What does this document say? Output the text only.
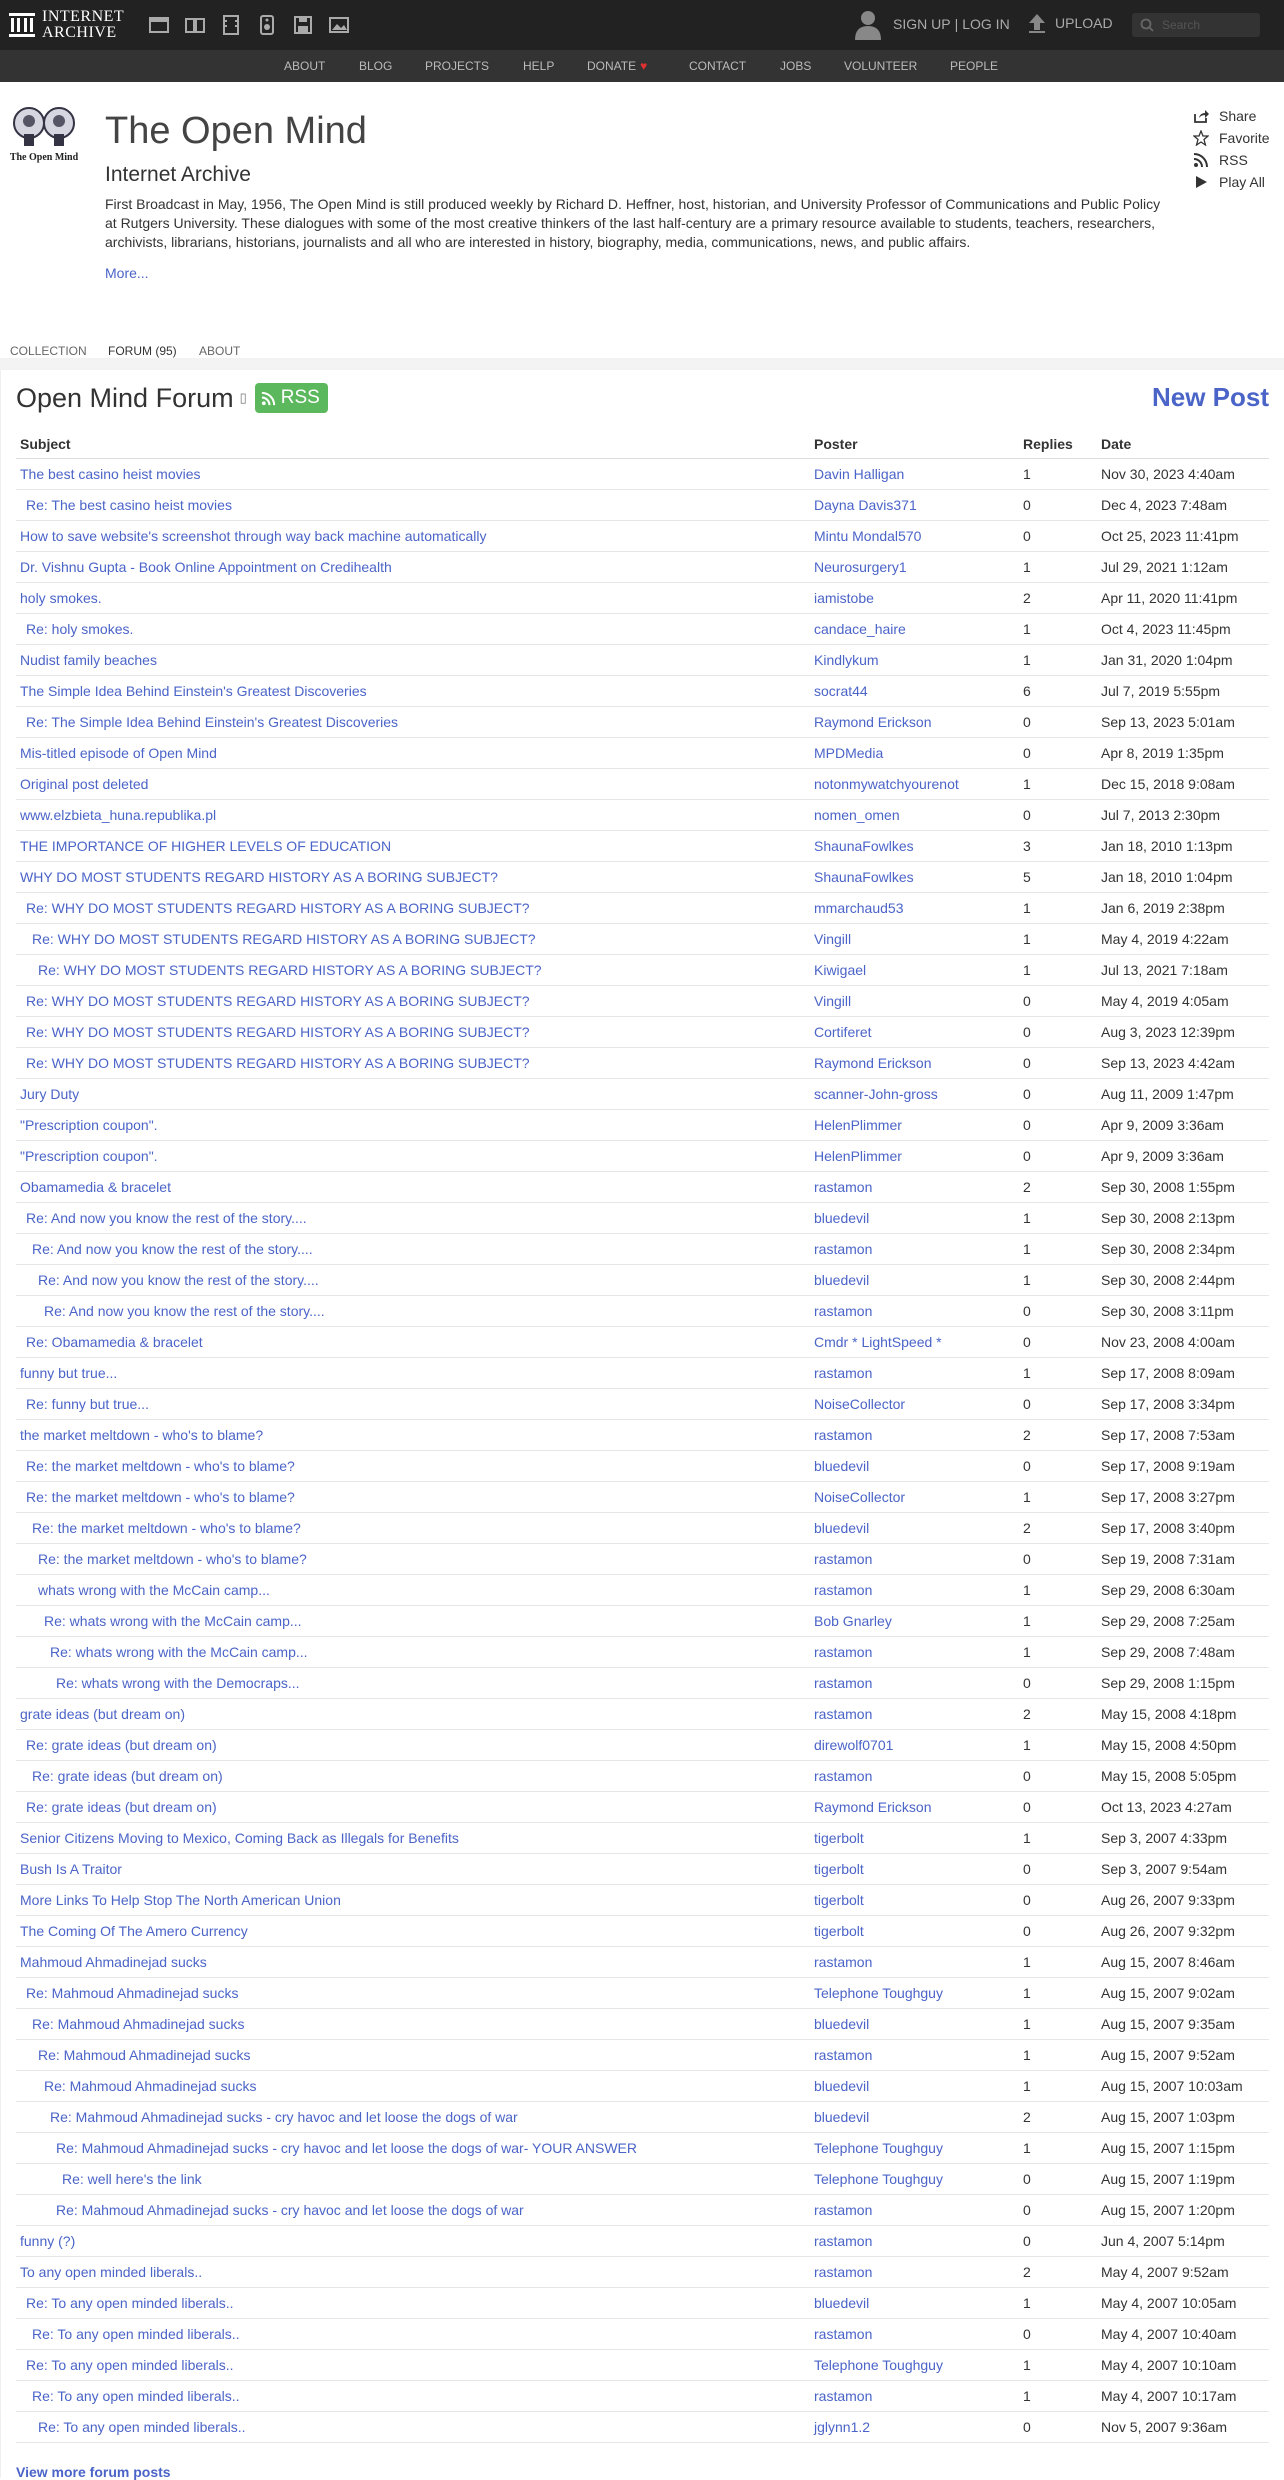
INTERNET
ARCHIVE	SIGN UP | LOG IN	UPLOAD
Search
ABOUT	BLOG	PROJECTS	HELP	DONATE ♥	CONTACT	JOBS	VOLUNTEER	PEOPLE
The Open Mind
The Open Mind
Internet Archive

First Broadcast in May, 1956, The Open Mind is still produced weekly by Richard D. Heffner, host, historian, and University Professor of Communications and Public Policy at Rutgers University. These dialogues with some of the most creative thinkers of the last half-century are a primary resource available to students, teachers, researchers, archivists, librarians, historians, journalists and all who are interested in history, biography, media, communications, news, and public affairs.

More...
Share
Favorite
RSS
Play All
COLLECTION FORUM (95) ABOUT
Open Mind Forum ▯ RSS	New Post
Subject	Poster	Replies	Date
The best casino heist movies	Davin Halligan	1	Nov 30, 2023 4:40am
Re: The best casino heist movies	Dayna Davis371	0	Dec 4, 2023 7:48am
How to save website's screenshot through way back machine automatically	Mintu Mondal570	0	Oct 25, 2023 11:41pm
Dr. Vishnu Gupta - Book Online Appointment on Credihealth	Neurosurgery1	1	Jul 29, 2021 1:12am
holy smokes.	iamistobe	2	Apr 11, 2020 11:41pm
Re: holy smokes.	candace_haire	1	Oct 4, 2023 11:45pm
Nudist family beaches	Kindlykum	1	Jan 31, 2020 1:04pm
The Simple Idea Behind Einstein's Greatest Discoveries	socrat44	6	Jul 7, 2019 5:55pm
Re: The Simple Idea Behind Einstein's Greatest Discoveries	Raymond Erickson	0	Sep 13, 2023 5:01am
Mis-titled episode of Open Mind	MPDMedia	0	Apr 8, 2019 1:35pm
Original post deleted	notonmywatchyourenot	1	Dec 15, 2018 9:08am
www.elzbieta_huna.republika.pl	nomen_omen	0	Jul 7, 2013 2:30pm
THE IMPORTANCE OF HIGHER LEVELS OF EDUCATION	ShaunaFowlkes	3	Jan 18, 2010 1:13pm
WHY DO MOST STUDENTS REGARD HISTORY AS A BORING SUBJECT?	ShaunaFowlkes	5	Jan 18, 2010 1:04pm
Re: WHY DO MOST STUDENTS REGARD HISTORY AS A BORING SUBJECT?	mmarchaud53	1	Jan 6, 2019 2:38pm
Re: WHY DO MOST STUDENTS REGARD HISTORY AS A BORING SUBJECT?	Vingill	1	May 4, 2019 4:22am
Re: WHY DO MOST STUDENTS REGARD HISTORY AS A BORING SUBJECT?	Kiwigael	1	Jul 13, 2021 7:18am
Re: WHY DO MOST STUDENTS REGARD HISTORY AS A BORING SUBJECT?	Vingill	0	May 4, 2019 4:05am
Re: WHY DO MOST STUDENTS REGARD HISTORY AS A BORING SUBJECT?	Cortiferet	0	Aug 3, 2023 12:39pm
Re: WHY DO MOST STUDENTS REGARD HISTORY AS A BORING SUBJECT?	Raymond Erickson	0	Sep 13, 2023 4:42am
Jury Duty	scanner-John-gross	0	Aug 11, 2009 1:47pm
"Prescription coupon".	HelenPlimmer	0	Apr 9, 2009 3:36am
"Prescription coupon".	HelenPlimmer	0	Apr 9, 2009 3:36am
Obamamedia & bracelet	rastamon	2	Sep 30, 2008 1:55pm
Re: And now you know the rest of the story....	bluedevil	1	Sep 30, 2008 2:13pm
Re: And now you know the rest of the story....	rastamon	1	Sep 30, 2008 2:34pm
Re: And now you know the rest of the story....	bluedevil	1	Sep 30, 2008 2:44pm
Re: And now you know the rest of the story....	rastamon	0	Sep 30, 2008 3:11pm
Re: Obamamedia & bracelet	Cmdr * LightSpeed *	0	Nov 23, 2008 4:00am
funny but true...	rastamon	1	Sep 17, 2008 8:09am
Re: funny but true...	NoiseCollector	0	Sep 17, 2008 3:34pm
the market meltdown - who's to blame?	rastamon	2	Sep 17, 2008 7:53am
Re: the market meltdown - who's to blame?	bluedevil	0	Sep 17, 2008 9:19am
Re: the market meltdown - who's to blame?	NoiseCollector	1	Sep 17, 2008 3:27pm
Re: the market meltdown - who's to blame?	bluedevil	2	Sep 17, 2008 3:40pm
Re: the market meltdown - who's to blame?	rastamon	0	Sep 19, 2008 7:31am
whats wrong with the McCain camp...	rastamon	1	Sep 29, 2008 6:30am
Re: whats wrong with the McCain camp...	Bob Gnarley	1	Sep 29, 2008 7:25am
Re: whats wrong with the McCain camp...	rastamon	1	Sep 29, 2008 7:48am
Re: whats wrong with the Democraps...	rastamon	0	Sep 29, 2008 1:15pm
grate ideas (but dream on)	rastamon	2	May 15, 2008 4:18pm
Re: grate ideas (but dream on)	direwolf0701	1	May 15, 2008 4:50pm
Re: grate ideas (but dream on)	rastamon	0	May 15, 2008 5:05pm
Re: grate ideas (but dream on)	Raymond Erickson	0	Oct 13, 2023 4:27am
Senior Citizens Moving to Mexico, Coming Back as Illegals for Benefits	tigerbolt	1	Sep 3, 2007 4:33pm
Bush Is A Traitor	tigerbolt	0	Sep 3, 2007 9:54am
More Links To Help Stop The North American Union	tigerbolt	0	Aug 26, 2007 9:33pm
The Coming Of The Amero Currency	tigerbolt	0	Aug 26, 2007 9:32pm
Mahmoud Ahmadinejad sucks	rastamon	1	Aug 15, 2007 8:46am
Re: Mahmoud Ahmadinejad sucks	Telephone Toughguy	1	Aug 15, 2007 9:02am
Re: Mahmoud Ahmadinejad sucks	bluedevil	1	Aug 15, 2007 9:35am
Re: Mahmoud Ahmadinejad sucks	rastamon	1	Aug 15, 2007 9:52am
Re: Mahmoud Ahmadinejad sucks	bluedevil	1	Aug 15, 2007 10:03am
Re: Mahmoud Ahmadinejad sucks - cry havoc and let loose the dogs of war	bluedevil	2	Aug 15, 2007 1:03pm
Re: Mahmoud Ahmadinejad sucks - cry havoc and let loose the dogs of war- YOUR ANSWER	Telephone Toughguy	1	Aug 15, 2007 1:15pm
Re: well here's the link	Telephone Toughguy	0	Aug 15, 2007 1:19pm
Re: Mahmoud Ahmadinejad sucks - cry havoc and let loose the dogs of war	rastamon	0	Aug 15, 2007 1:20pm
funny (?)	rastamon	0	Jun 4, 2007 5:14pm
To any open minded liberals..	rastamon	2	May 4, 2007 9:52am
Re: To any open minded liberals..	bluedevil	1	May 4, 2007 10:05am
Re: To any open minded liberals..	rastamon	0	May 4, 2007 10:40am
Re: To any open minded liberals..	Telephone Toughguy	1	May 4, 2007 10:10am
Re: To any open minded liberals..	rastamon	1	May 4, 2007 10:17am
Re: To any open minded liberals..	jglynn1.2	0	Nov 5, 2007 9:36am
View more forum posts
